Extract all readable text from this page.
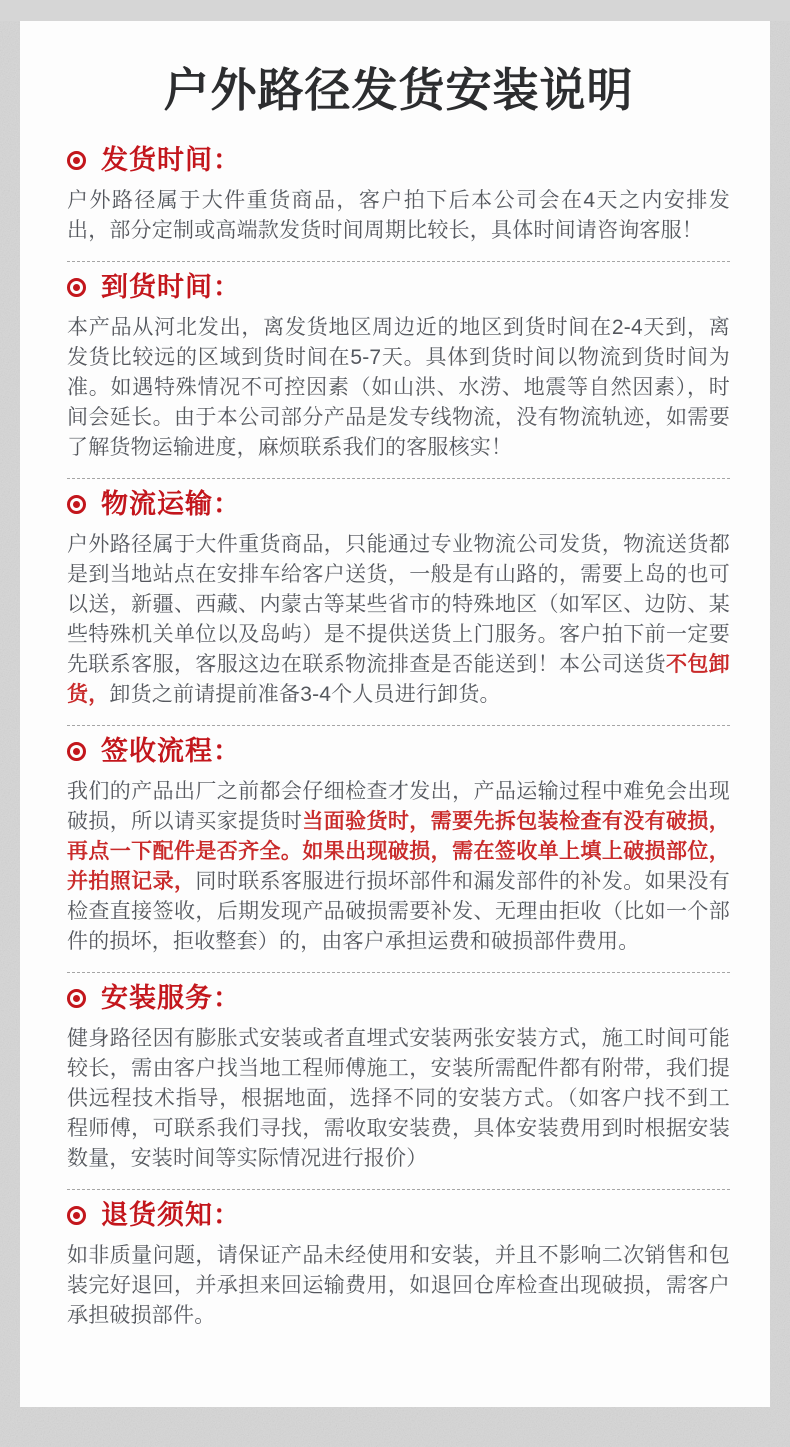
户外路径发货安装说明
发货时间：

户外路径属于大件重货商品，客户拍下后本公司会在4天之内安排发出，部分定制或高端款发货时间周期比较长，具体时间请咨询客服！

到货时间：

本产品从河北发出，离发货地区周边近的地区到货时间在2-4天到，离发货比较远的区域到货时间在5-7天。具体到货时间以物流到货时间为准。如遇特殊情况不可控因素（如山洪、水涝、地震等自然因素），时间会延长。由于本公司部分产品是发专线物流，没有物流轨迹，如需要了解货物运输进度，麻烦联系我们的客服核实！

物流运输：

户外路径属于大件重货商品，只能通过专业物流公司发货，物流送货都是到当地站点在安排车给客户送货，一般是有山路的，需要上岛的也可以送，新疆、西藏、内蒙古等某些省市的特殊地区（如军区、边防、某些特殊机关单位以及岛屿）是不提供送货上门服务。客户拍下前一定要先联系客服，客服这边在联系物流排查是否能送到！本公司送货不包卸货，卸货之前请提前准备3-4个人员进行卸货。

签收流程：

我们的产品出厂之前都会仔细检查才发出，产品运输过程中难免会出现破损，所以请买家提货时当面验货时，需要先拆包装检查有没有破损，再点一下配件是否齐全。如果出现破损，需在签收单上填上破损部位，并拍照记录，同时联系客服进行损坏部件和漏发部件的补发。如果没有检查直接签收，后期发现产品破损需要补发、无理由拒收（比如一个部件的损坏，拒收整套）的，由客户承担运费和破损部件费用。

安装服务：

健身路径因有膨胀式安装或者直埋式安装两张安装方式，施工时间可能较长，需由客户找当地工程师傅施工，安装所需配件都有附带，我们提供远程技术指导，根据地面，选择不同的安装方式。（如客户找不到工程师傅，可联系我们寻找，需收取安装费，具体安装费用到时根据安装数量，安装时间等实际情况进行报价）

退货须知：

如非质量问题，请保证产品未经使用和安装，并且不影响二次销售和包装完好退回，并承担来回运输费用，如退回仓库检查出现破损，需客户承担破损部件。
